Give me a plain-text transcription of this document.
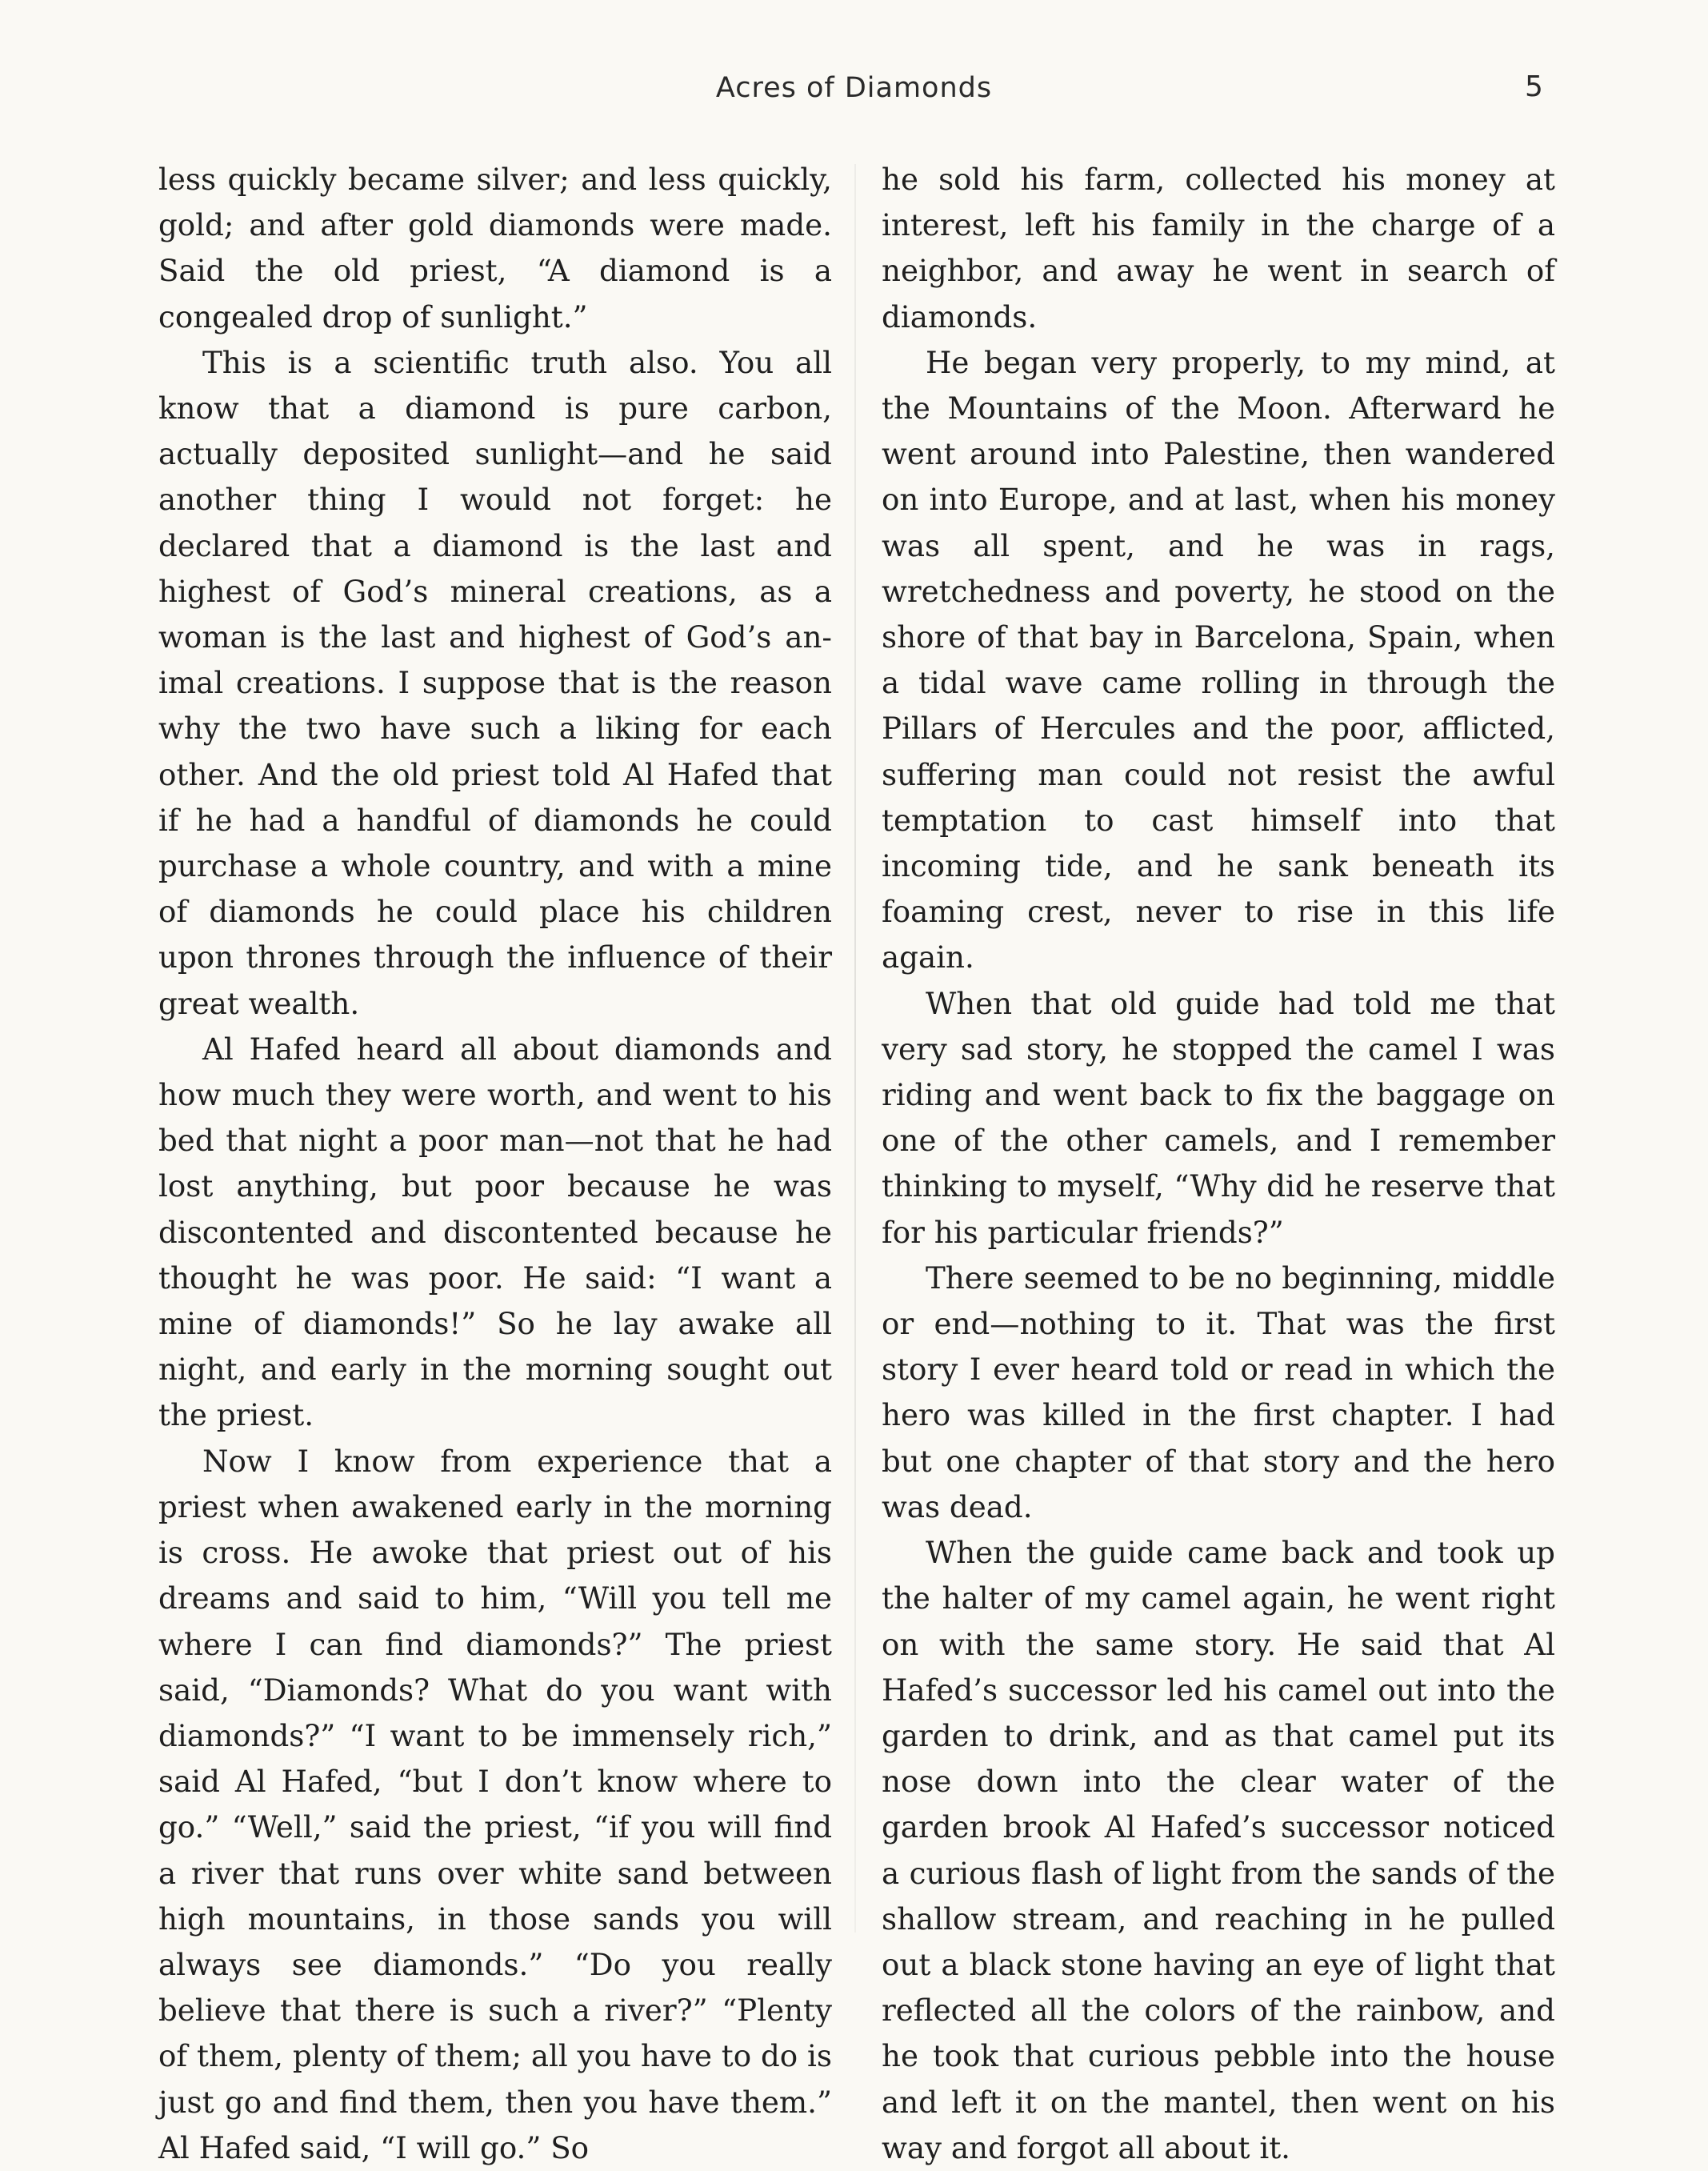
Acres of Diamonds	5

less quickly became silver; and less quickly, gold; and after gold diamonds were made. Said the old priest, “A diamond is a congealed drop of sunlight.”

This is a scientific truth also. You all know that a diamond is pure carbon, actually deposited sunlight—and he said another thing I would not forget: he declared that a diamond is the last and highest of God’s mineral creations, as a woman is the last and highest of God’s animal creations. I suppose that is the reason why the two have such a liking for each other. And the old priest told Al Hafed that if he had a handful of diamonds he could purchase a whole country, and with a mine of diamonds he could place his children upon thrones through the influence of their great wealth.

Al Hafed heard all about diamonds and how much they were worth, and went to his bed that night a poor man—not that he had lost anything, but poor because he was discontented and discontented because he thought he was poor. He said: “I want a mine of diamonds!” So he lay awake all night, and early in the morning sought out the priest.

Now I know from experience that a priest when awakened early in the morning is cross. He awoke that priest out of his dreams and said to him, “Will you tell me where I can find diamonds?” The priest said, “Diamonds? What do you want with diamonds?” “I want to be immensely rich,” said Al Hafed, “but I don’t know where to go.” “Well,” said the priest, “if you will find a river that runs over white sand between high mountains, in those sands you will always see diamonds.” “Do you really believe that there is such a river?” “Plenty of them, plenty of them; all you have to do is just go and find them, then you have them.” Al Hafed said, “I will go.” So

he sold his farm, collected his money at interest, left his family in the charge of a neighbor, and away he went in search of diamonds.

He began very properly, to my mind, at the Mountains of the Moon. Afterward he went around into Palestine, then wandered on into Europe, and at last, when his money was all spent, and he was in rags, wretchedness and poverty, he stood on the shore of that bay in Barcelona, Spain, when a tidal wave came rolling in through the Pillars of Hercules and the poor, afflicted, suffering man could not resist the awful temptation to cast himself into that incoming tide, and he sank beneath its foaming crest, never to rise in this life again.

When that old guide had told me that very sad story, he stopped the camel I was riding and went back to fix the baggage on one of the other camels, and I remember thinking to myself, “Why did he reserve that for his particular friends?”

There seemed to be no beginning, middle or end—nothing to it. That was the first story I ever heard told or read in which the hero was killed in the first chapter. I had but one chapter of that story and the hero was dead.

When the guide came back and took up the halter of my camel again, he went right on with the same story. He said that Al Hafed’s successor led his camel out into the garden to drink, and as that camel put its nose down into the clear water of the garden brook Al Hafed’s successor noticed a curious flash of light from the sands of the shallow stream, and reaching in he pulled out a black stone having an eye of light that reflected all the colors of the rainbow, and he took that curious pebble into the house and left it on the mantel, then went on his way and forgot all about it.
